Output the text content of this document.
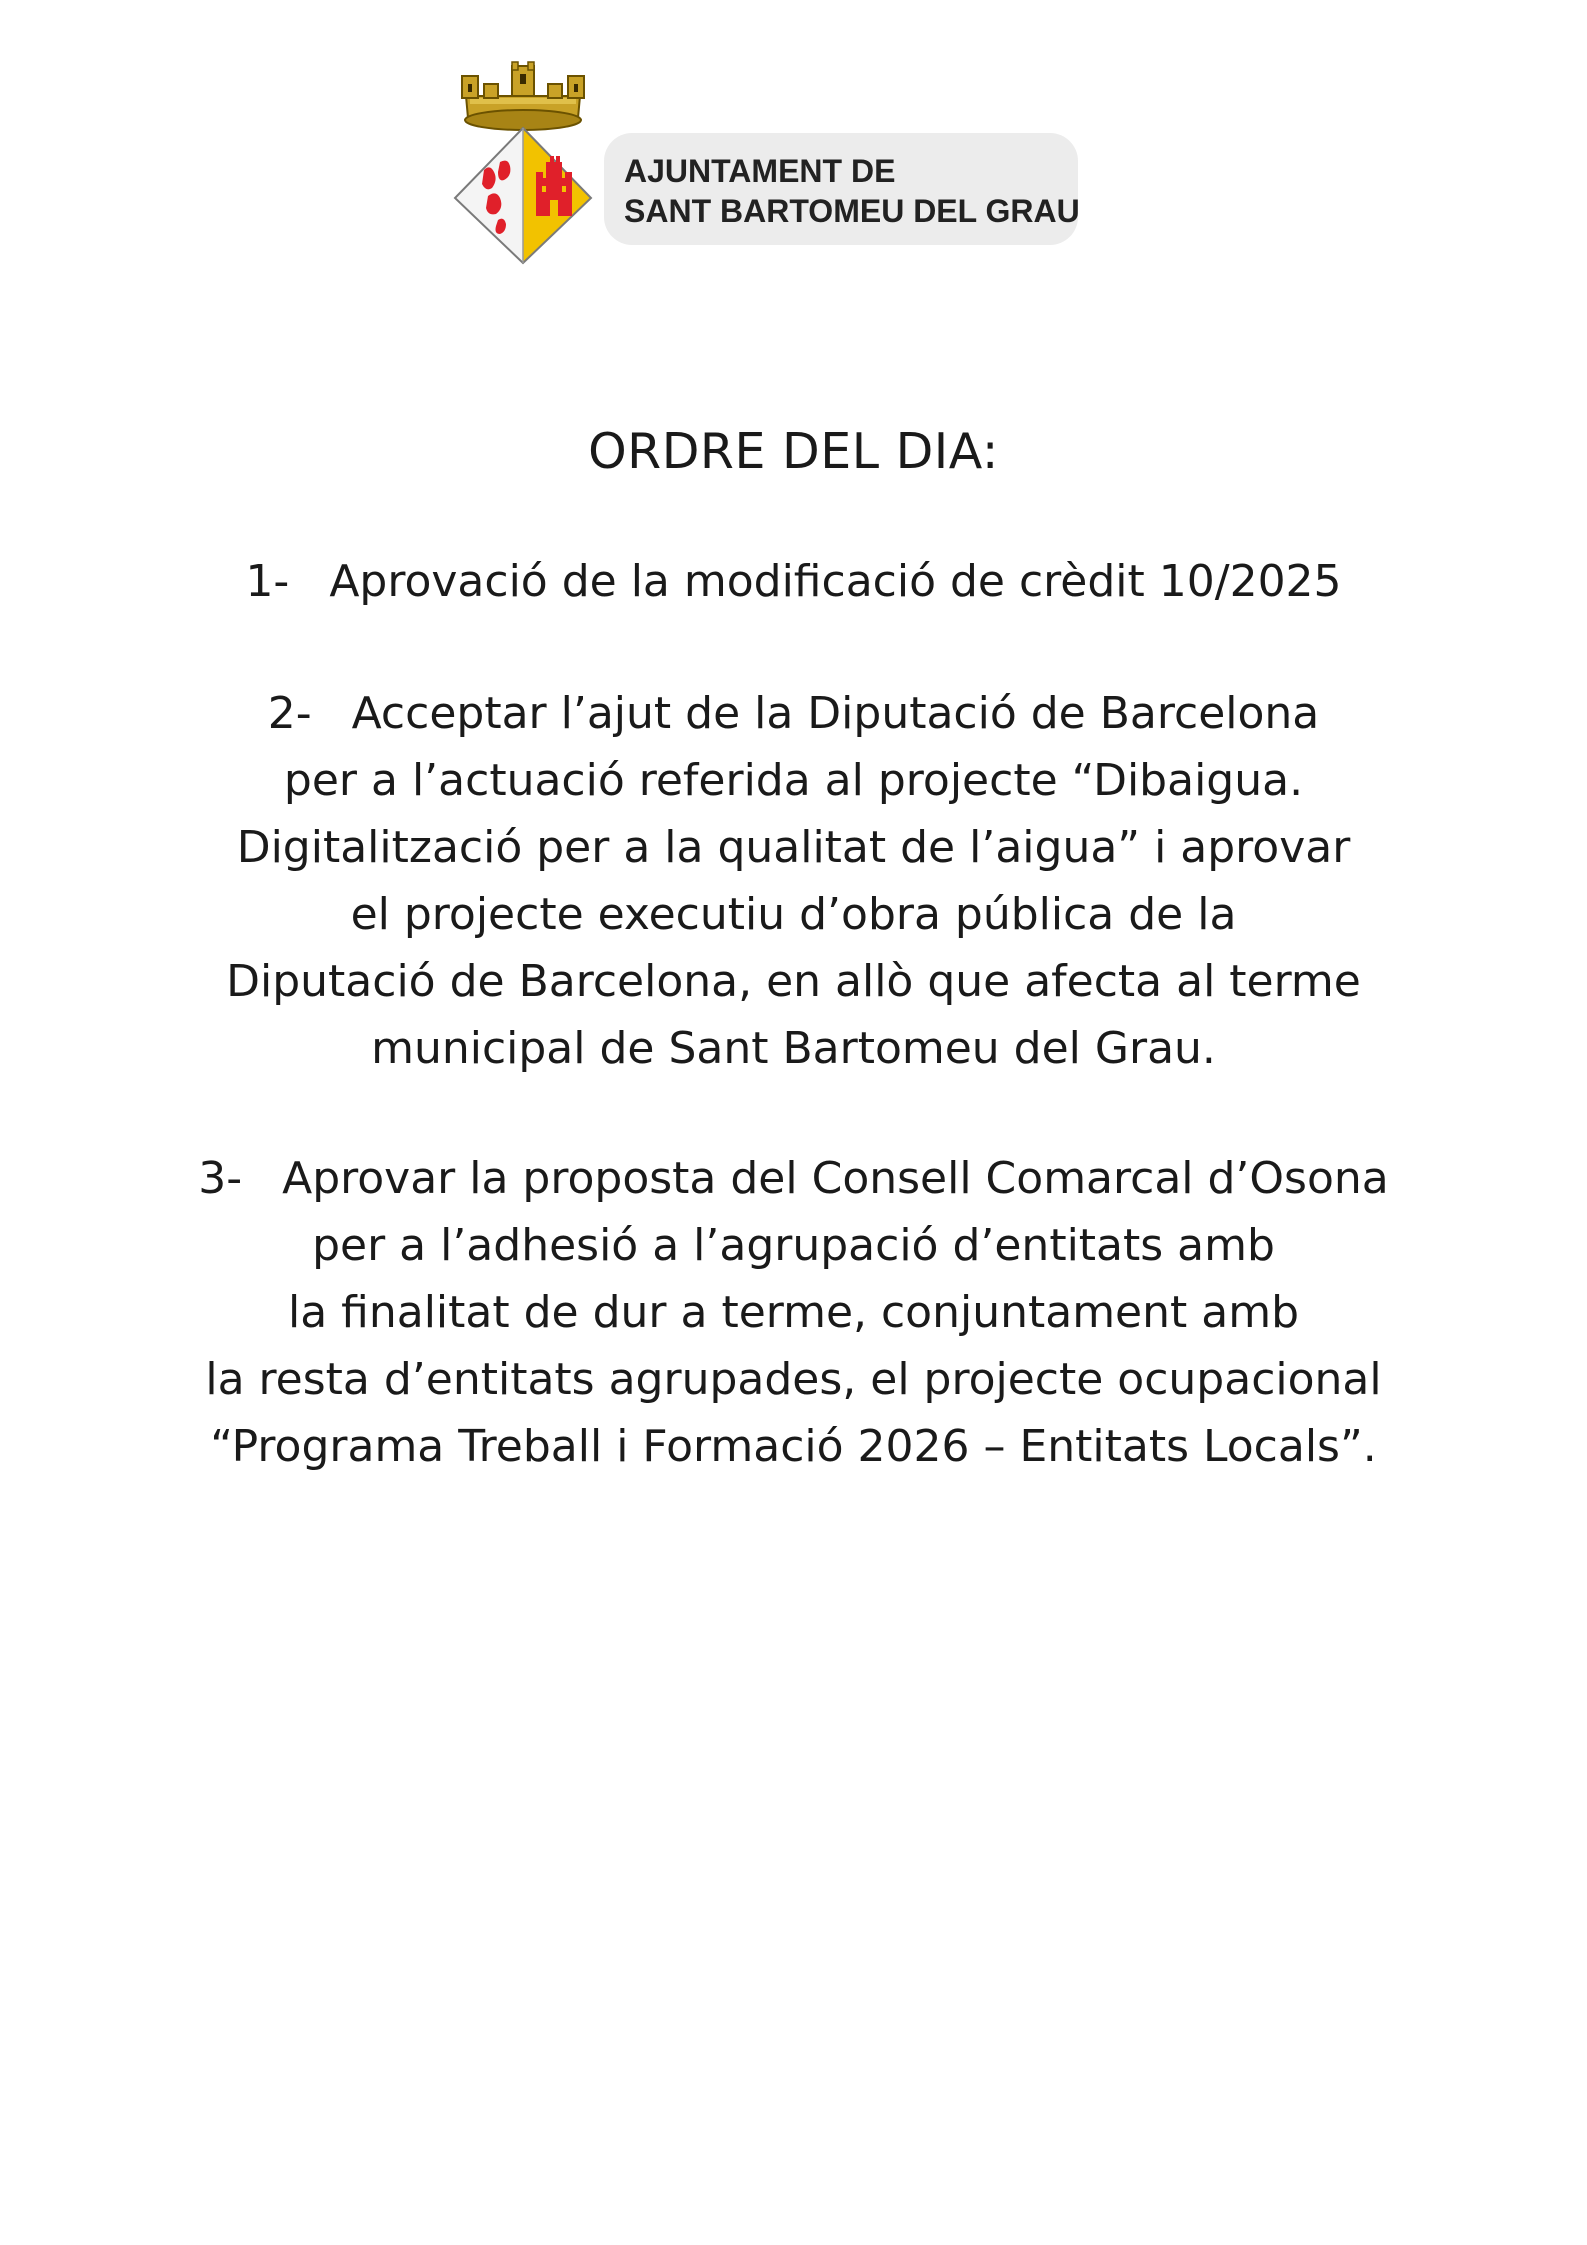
AJUNTAMENT DE
SANT BARTOMEU DEL GRAU
ORDRE DEL DIA:
1- Aprovació de la modificació de crèdit 10/2025
2- Acceptar l’ajut de la Diputació de Barcelona
per a l’actuació referida al projecte “Dibaigua.
Digitalització per a la qualitat de l’aigua” i aprovar
el projecte executiu d’obra pública de la
Diputació de Barcelona, en allò que afecta al terme
municipal de Sant Bartomeu del Grau.
3- Aprovar la proposta del Consell Comarcal d’Osona
per a l’adhesió a l’agrupació d’entitats amb
la finalitat de dur a terme, conjuntament amb
la resta d’entitats agrupades, el projecte ocupacional
“Programa Treball i Formació 2026 – Entitats Locals”.
